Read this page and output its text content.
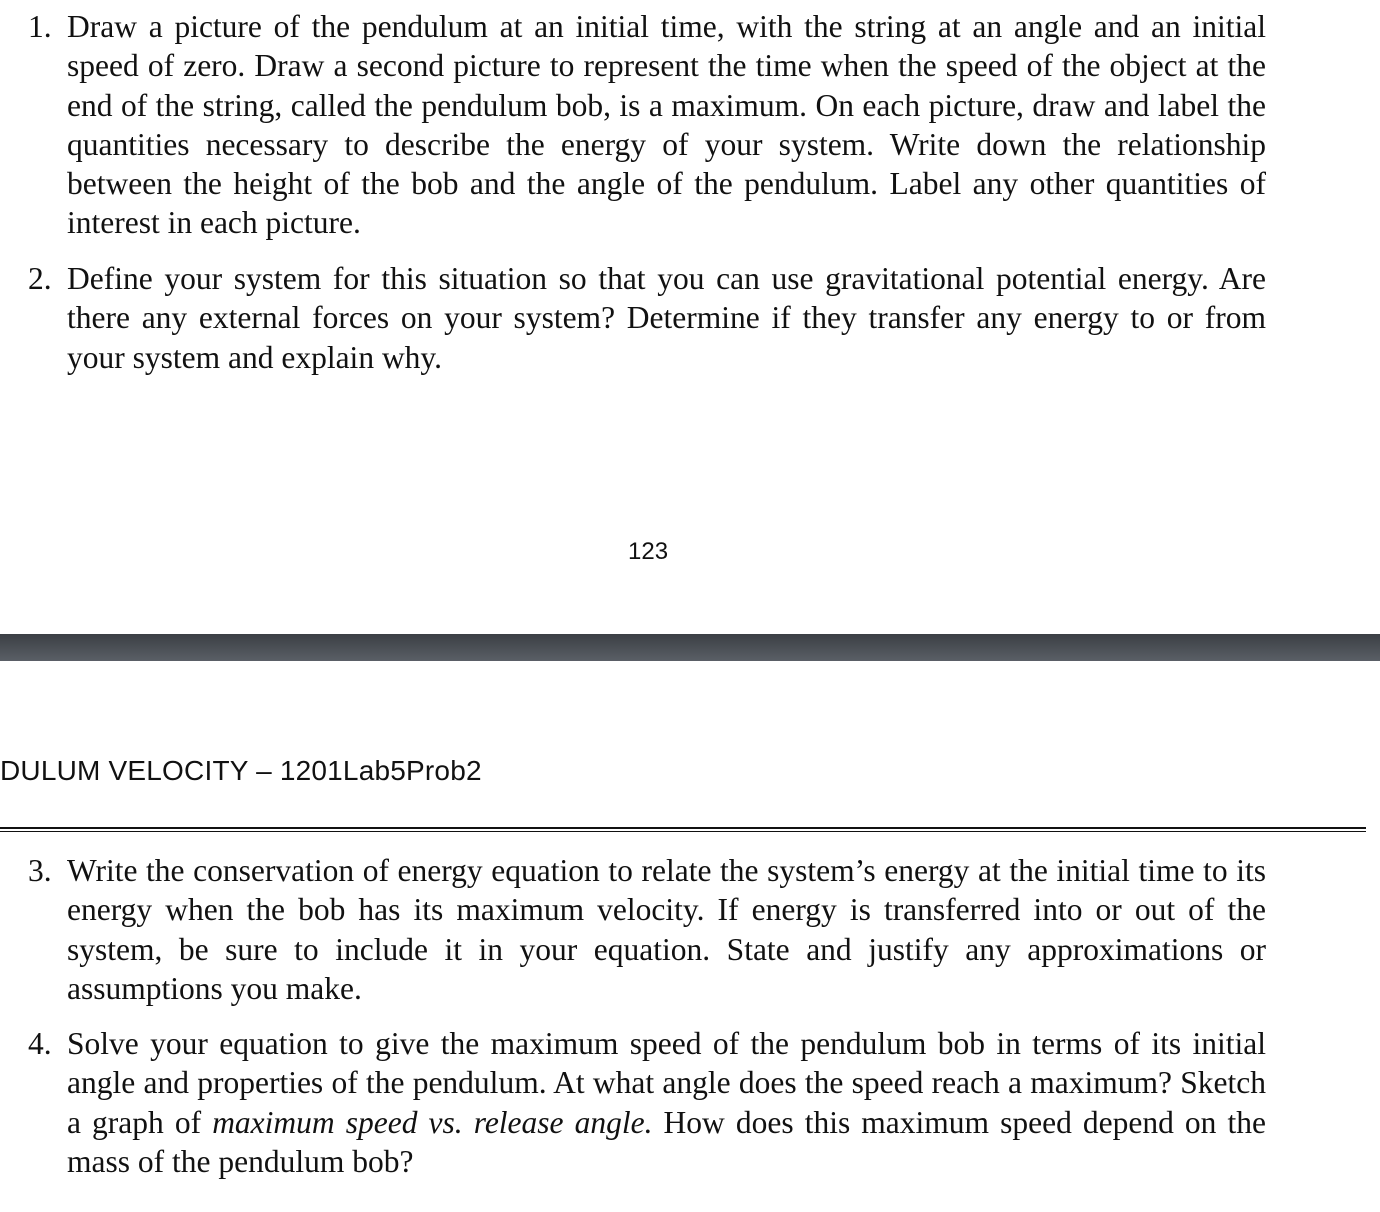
1. Draw a picture of the pendulum at an initial time, with the string at an angle and an initial speed of zero. Draw a second picture to represent the time when the speed of the object at the end of the string, called the pendulum bob, is a maximum. On each picture, draw and label the quantities necessary to describe the energy of your system. Write down the relationship between the height of the bob and the angle of the pendulum. Label any other quantities of interest in each picture.
2. Define your system for this situation so that you can use gravitational potential energy. Are there any external forces on your system? Determine if they transfer any energy to or from your system and explain why.
123
DULUM VELOCITY – 1201Lab5Prob2
3. Write the conservation of energy equation to relate the system’s energy at the initial time to its energy when the bob has its maximum velocity. If energy is transferred into or out of the system, be sure to include it in your equation. State and justify any approximations or assumptions you make.
4. Solve your equation to give the maximum speed of the pendulum bob in terms of its initial angle and properties of the pendulum. At what angle does the speed reach a maximum? Sketch a graph of maximum speed vs. release angle. How does this maximum speed depend on the mass of the pendulum bob?
